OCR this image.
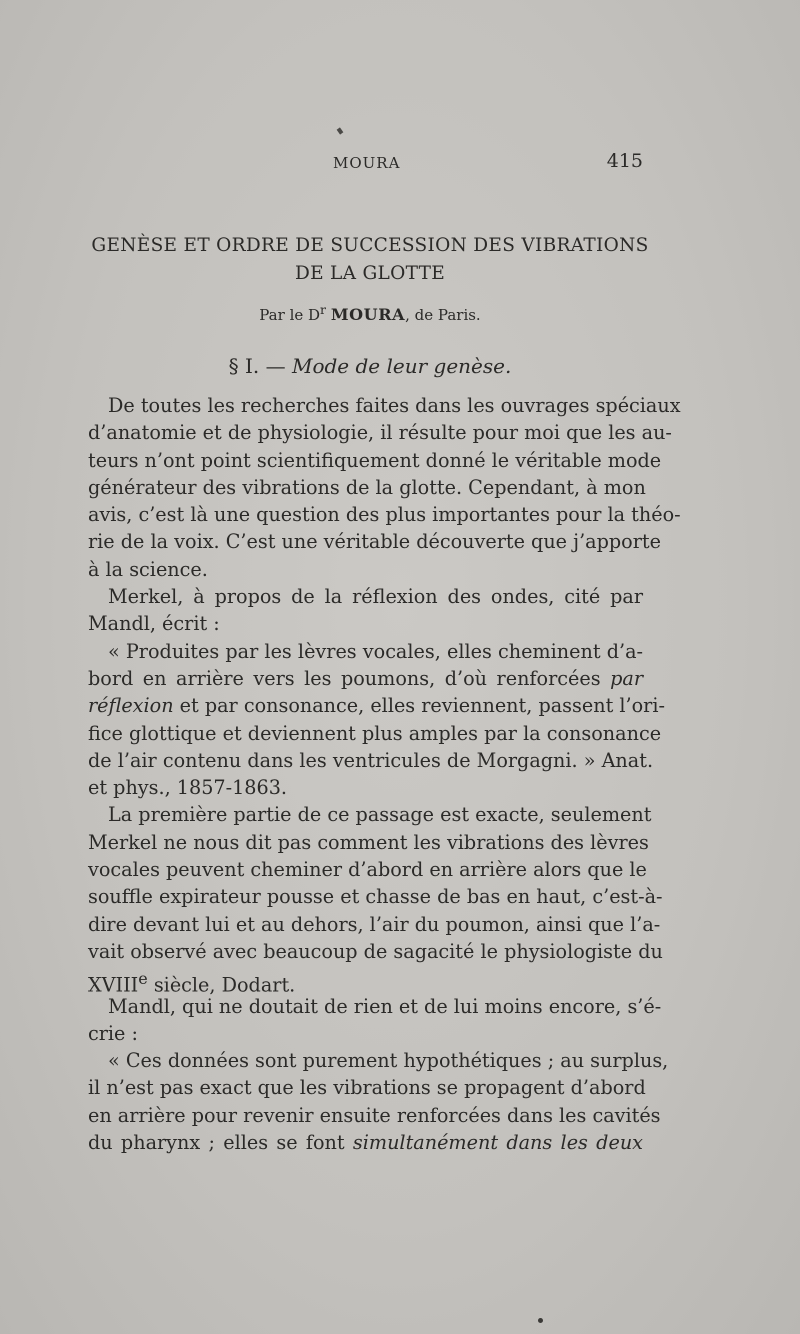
MOURA	415
GENÈSE ET ORDRE DE SUCCESSION DES VIBRATIONS
DE LA GLOTTE
Par le $D^r$ MOURA, de Paris.
§ I. — Mode de leur genèse.
De toutes les recherches faites dans les ouvrages spéciaux
d’anatomie et de physiologie, il résulte pour moi que les au-
teurs n’ont point scientifiquement donné le véritable mode
générateur des vibrations de la glotte. Cependant, à mon
avis, c’est là une question des plus importantes pour la théo-
rie de la voix. C’est une véritable découverte que j’apporte
à la science.
Merkel, à propos de la réflexion des ondes, cité par
Mandl, écrit :
« Produites par les lèvres vocales, elles cheminent d’a-
bord en arrière vers les poumons, d’où renforcées par
réflexion et par consonance, elles reviennent, passent l’ori-
fice glottique et deviennent plus amples par la consonance
de l’air contenu dans les ventricules de Morgagni. » Anat.
et phys., 1857-1863.
La première partie de ce passage est exacte, seulement
Merkel ne nous dit pas comment les vibrations des lèvres
vocales peuvent cheminer d’abord en arrière alors que le
souffle expirateur pousse et chasse de bas en haut, c’est-à-
dire devant lui et au dehors, l’air du poumon, ainsi que l’a-
vait observé avec beaucoup de sagacité le physiologiste du
XVIIIe siècle, Dodart.
Mandl, qui ne doutait de rien et de lui moins encore, s’é-
crie :
« Ces données sont purement hypothétiques ; au surplus,
il n’est pas exact que les vibrations se propagent d’abord
en arrière pour revenir ensuite renforcées dans les cavités
du pharynx ; elles se font simultanément dans les deux
